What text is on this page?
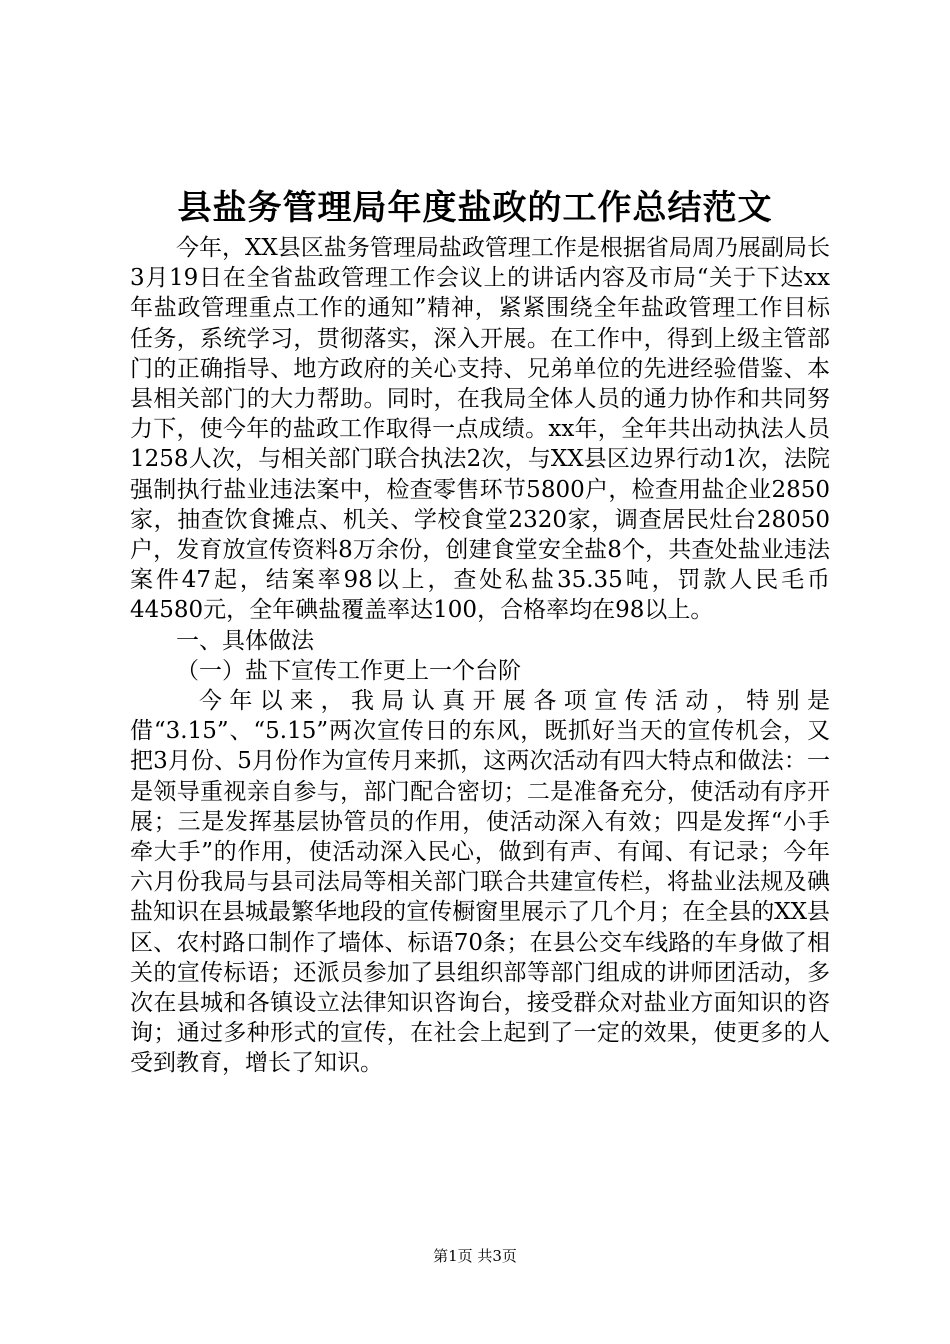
县盐务管理局年度盐政的工作总结范文

今年，XX县区盐务管理局盐政管理工作是根据省局周乃展副局长3月19日在全省盐政管理工作会议上的讲话内容及市局“关于下达xx年盐政管理重点工作的通知”精神，紧紧围绕全年盐政管理工作目标任务，系统学习，贯彻落实，深入开展。在工作中，得到上级主管部门的正确指导、地方政府的关心支持、兄弟单位的先进经验借鉴、本县相关部门的大力帮助。同时，在我局全体人员的通力协作和共同努力下，使今年的盐政工作取得一点成绩。xx年，全年共出动执法人员1258人次，与相关部门联合执法2次，与XX县区边界行动1次，法院强制执行盐业违法案中，检查零售环节5800户，检查用盐企业2850家，抽查饮食摊点、机关、学校食堂2320家，调查居民灶台28050户，发育放宣传资料8万余份，创建食堂安全盐8个，共查处盐业违法案件47起，结案率98以上，查处私盐35.35吨，罚款人民毛币44580元，全年碘盐覆盖率达100，合格率均在98以上。

一、具体做法

（一）盐下宣传工作更上一个台阶

今年以来，我局认真开展各项宣传活动，特别是借“3.15”、“5.15”两次宣传日的东风，既抓好当天的宣传机会，又把3月份、5月份作为宣传月来抓，这两次活动有四大特点和做法：一是领导重视亲自参与，部门配合密切；二是准备充分，使活动有序开展；三是发挥基层协管员的作用，使活动深入有效；四是发挥“小手牵大手”的作用，使活动深入民心，做到有声、有闻、有记录；今年六月份我局与县司法局等相关部门联合共建宣传栏，将盐业法规及碘盐知识在县城最繁华地段的宣传橱窗里展示了几个月；在全县的XX县区、农村路口制作了墙体、标语70条；在县公交车线路的车身做了相关的宣传标语；还派员参加了县组织部等部门组成的讲师团活动，多次在县城和各镇设立法律知识咨询台，接受群众对盐业方面知识的咨询；通过多种形式的宣传，在社会上起到了一定的效果，使更多的人受到教育，增长了知识。

第1页 共3页
